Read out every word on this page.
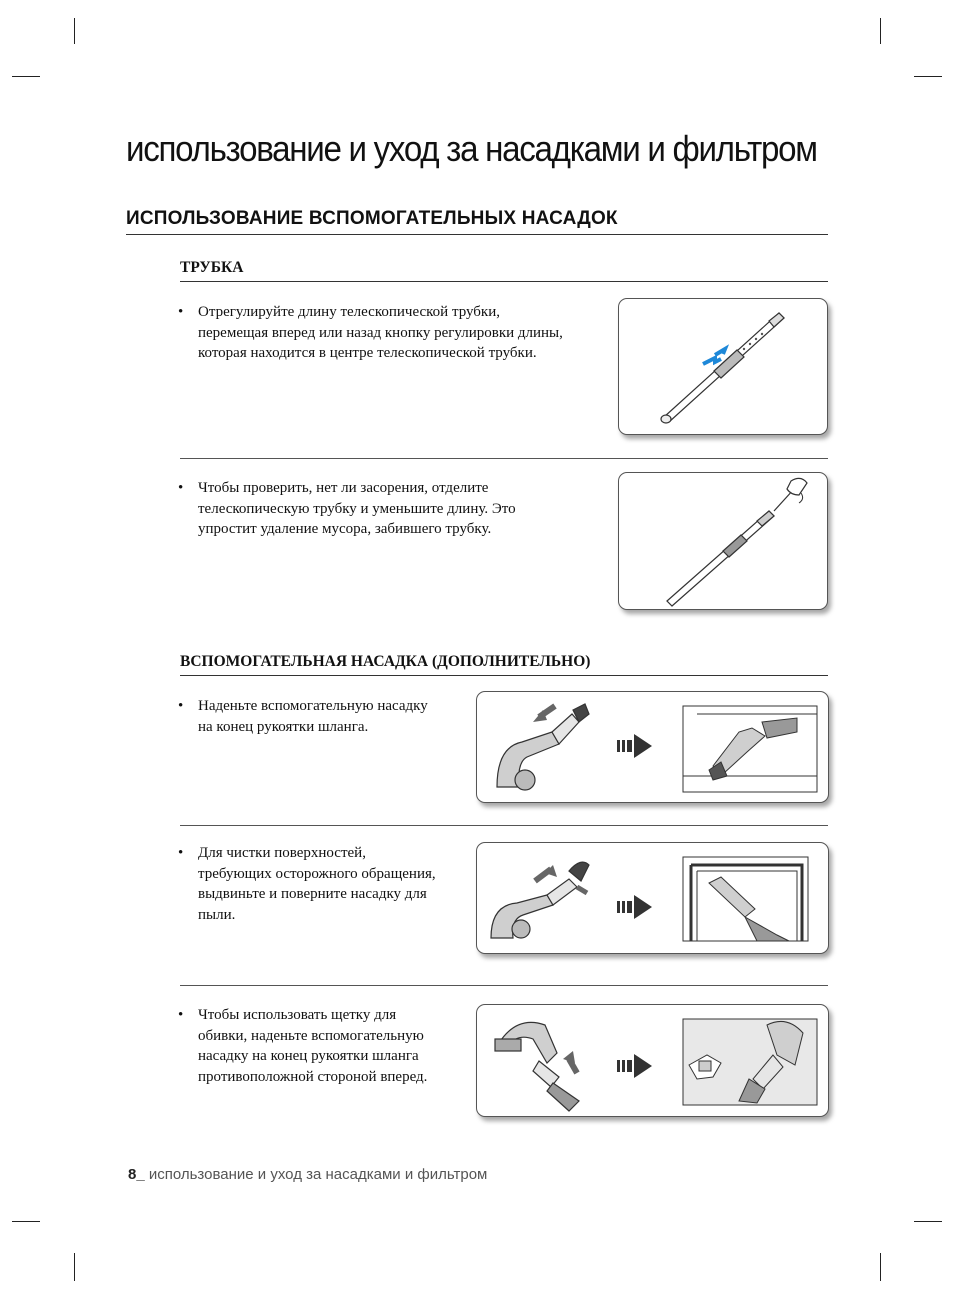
использование и уход за насадками и фильтром
ИСПОЛЬЗОВАНИЕ ВСПОМОГАТЕЛЬНЫХ НАСАДОК
ТРУБКА
• Отрегулируйте длину телескопической трубки,
перемещая вперед или назад кнопку регулировки длины,
которая находится в центре телескопической трубки.
• Чтобы проверить, нет ли засорения, отделите
телескопическую трубку и уменьшите длину. Это
упростит удаление мусора, забившего трубку.
ВСПОМОГАТЕЛЬНАЯ НАСАДКА (ДОПОЛНИТЕЛЬНО)
• Наденьте вспомогательную насадку
на конец рукоятки шланга.
• Для чистки поверхностей,
требующих осторожного обращения,
выдвиньте и поверните насадку для
пыли.
• Чтобы использовать щетку для
обивки, наденьте вспомогательную
насадку на конец рукоятки шланга
противоположной стороной вперед.
8_ использование и уход за насадками и фильтром
